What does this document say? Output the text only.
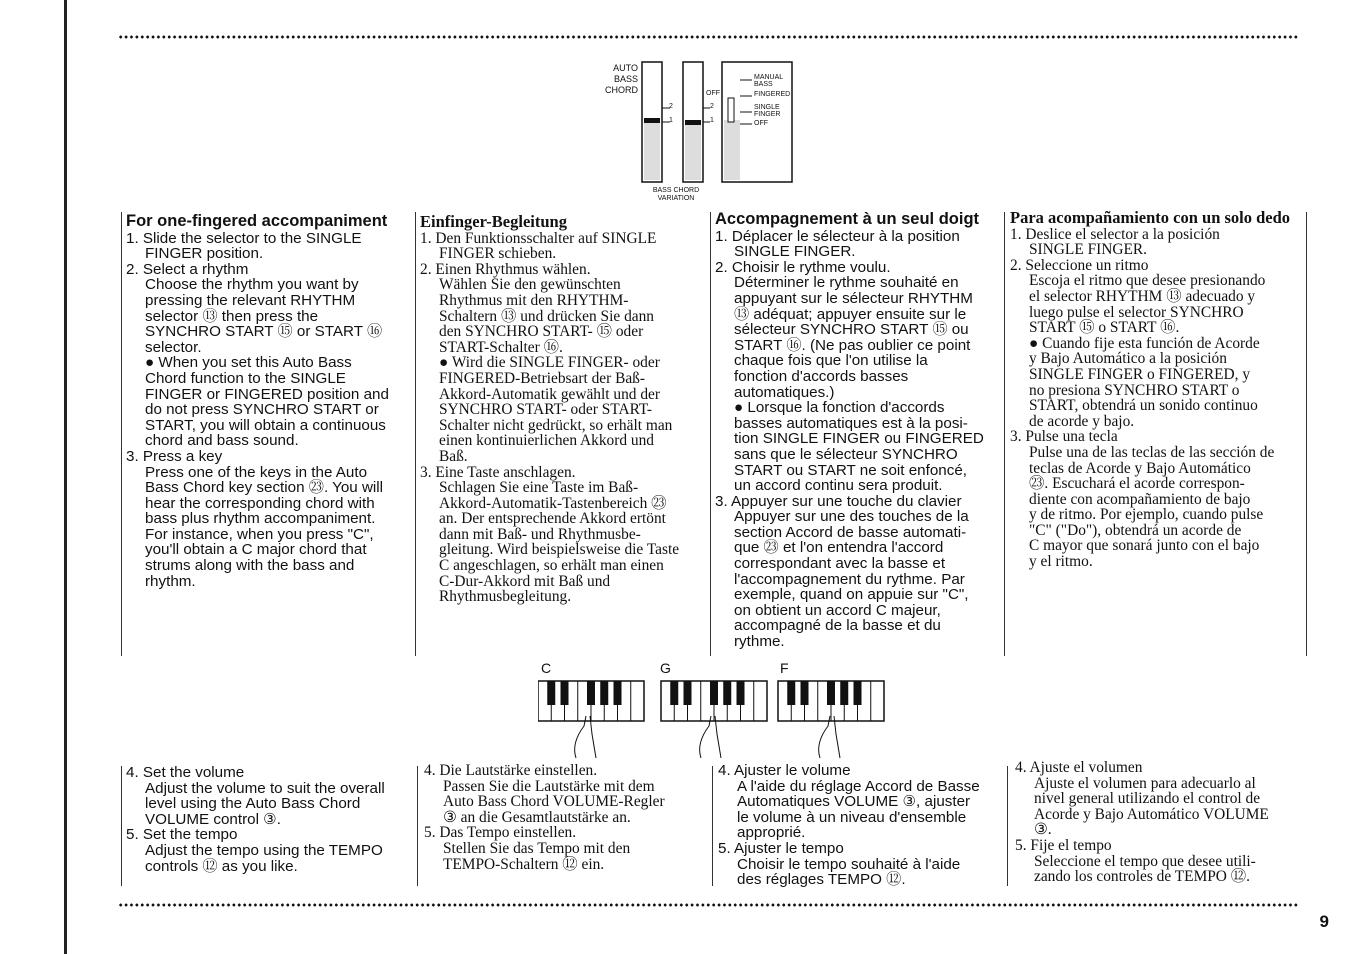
AUTO BASS CHORD
2
1
2
1
OFF
MANUAL BASS
FINGERED
SINGLE FINGER
OFF
BASS CHORD VARIATION
For one-fingered accompaniment

1. Slide the selector to the SINGLE

FINGER position.

2. Select a rhythm

Choose the rhythm you want by

pressing the relevant RHYTHM

selector ⑬ then press the

SYNCHRO START ⑮ or START ⑯

selector.

● When you set this Auto Bass

Chord function to the SINGLE

FINGER or FINGERED position and

do not press SYNCHRO START or

START, you will obtain a continuous

chord and bass sound.

3. Press a key

Press one of the keys in the Auto

Bass Chord key section ㉓. You will

hear the corresponding chord with

bass plus rhythm accompaniment.

For instance, when you press "C",

you'll obtain a C major chord that

strums along with the bass and

rhythm.

Einfinger-Begleitung

1. Den Funktionsschalter auf SINGLE

FINGER schieben.

2. Einen Rhythmus wählen.

Wählen Sie den gewünschten

Rhythmus mit den RHYTHM-

Schaltern ⑬ und drücken Sie dann

den SYNCHRO START- ⑮ oder

START-Schalter ⑯.

● Wird die SINGLE FINGER- oder

FINGERED-Betriebsart der Baß-

Akkord-Automatik gewählt und der

SYNCHRO START- oder START-

Schalter nicht gedrückt, so erhält man

einen kontinuierlichen Akkord und

Baß.

3. Eine Taste anschlagen.

Schlagen Sie eine Taste im Baß-

Akkord-Automatik-Tastenbereich ㉓

an. Der entsprechende Akkord ertönt

dann mit Baß- und Rhythmusbe-

gleitung. Wird beispielsweise die Taste

C angeschlagen, so erhält man einen

C-Dur-Akkord mit Baß und

Rhythmusbegleitung.

Accompagnement à un seul doigt

1. Déplacer le sélecteur à la position

SINGLE FINGER.

2. Choisir le rythme voulu.

Déterminer le rythme souhaité en

appuyant sur le sélecteur RHYTHM

⑬ adéquat; appuyer ensuite sur le

sélecteur SYNCHRO START ⑮ ou

START ⑯. (Ne pas oublier ce point

chaque fois que l'on utilise la

fonction d'accords basses

automatiques.)

● Lorsque la fonction d'accords

basses automatiques est à la posi-

tion SINGLE FINGER ou FINGERED

sans que le sélecteur SYNCHRO

START ou START ne soit enfoncé,

un accord continu sera produit.

3. Appuyer sur une touche du clavier

Appuyer sur une des touches de la

section Accord de basse automati-

que ㉓ et l'on entendra l'accord

correspondant avec la basse et

l'accompagnement du rythme. Par

exemple, quand on appuie sur "C",

on obtient un accord C majeur,

accompagné de la basse et du

rythme.

Para acompañamiento con un solo dedo

1. Deslice el selector a la posición

SINGLE FINGER.

2. Seleccione un ritmo

Escoja el ritmo que desee presionando

el selector RHYTHM ⑬ adecuado y

luego pulse el selector SYNCHRO

START ⑮ o START ⑯.

● Cuando fije esta función de Acorde

y Bajo Automático a la posición

SINGLE FINGER o FINGERED, y

no presiona SYNCHRO START o

START, obtendrá un sonido continuo

de acorde y bajo.

3. Pulse una tecla

Pulse una de las teclas de las sección de

teclas de Acorde y Bajo Automático

㉓. Escuchará el acorde correspon-

diente con acompañamiento de bajo

y de ritmo. Por ejemplo, cuando pulse

"C" ("Do"), obtendrá un acorde de

C mayor que sonará junto con el bajo

y el ritmo.

C	G	F

4. Set the volume

Adjust the volume to suit the overall

level using the Auto Bass Chord

VOLUME control ③.

5. Set the tempo

Adjust the tempo using the TEMPO

controls ⑫ as you like.

4. Die Lautstärke einstellen.

Passen Sie die Lautstärke mit dem

Auto Bass Chord VOLUME-Regler

③ an die Gesamtlautstärke an.

5. Das Tempo einstellen.

Stellen Sie das Tempo mit den

TEMPO-Schaltern ⑫ ein.

4. Ajuster le volume

A l'aide du réglage Accord de Basse

Automatiques VOLUME ③, ajuster

le volume à un niveau d'ensemble

approprié.

5. Ajuster le tempo

Choisir le tempo souhaité à l'aide

des réglages TEMPO ⑫.

4. Ajuste el volumen

Ajuste el volumen para adecuarlo al

nivel general utilizando el control de

Acorde y Bajo Automático VOLUME

③.

5. Fije el tempo

Seleccione el tempo que desee utili-

zando los controles de TEMPO ⑫.

9
